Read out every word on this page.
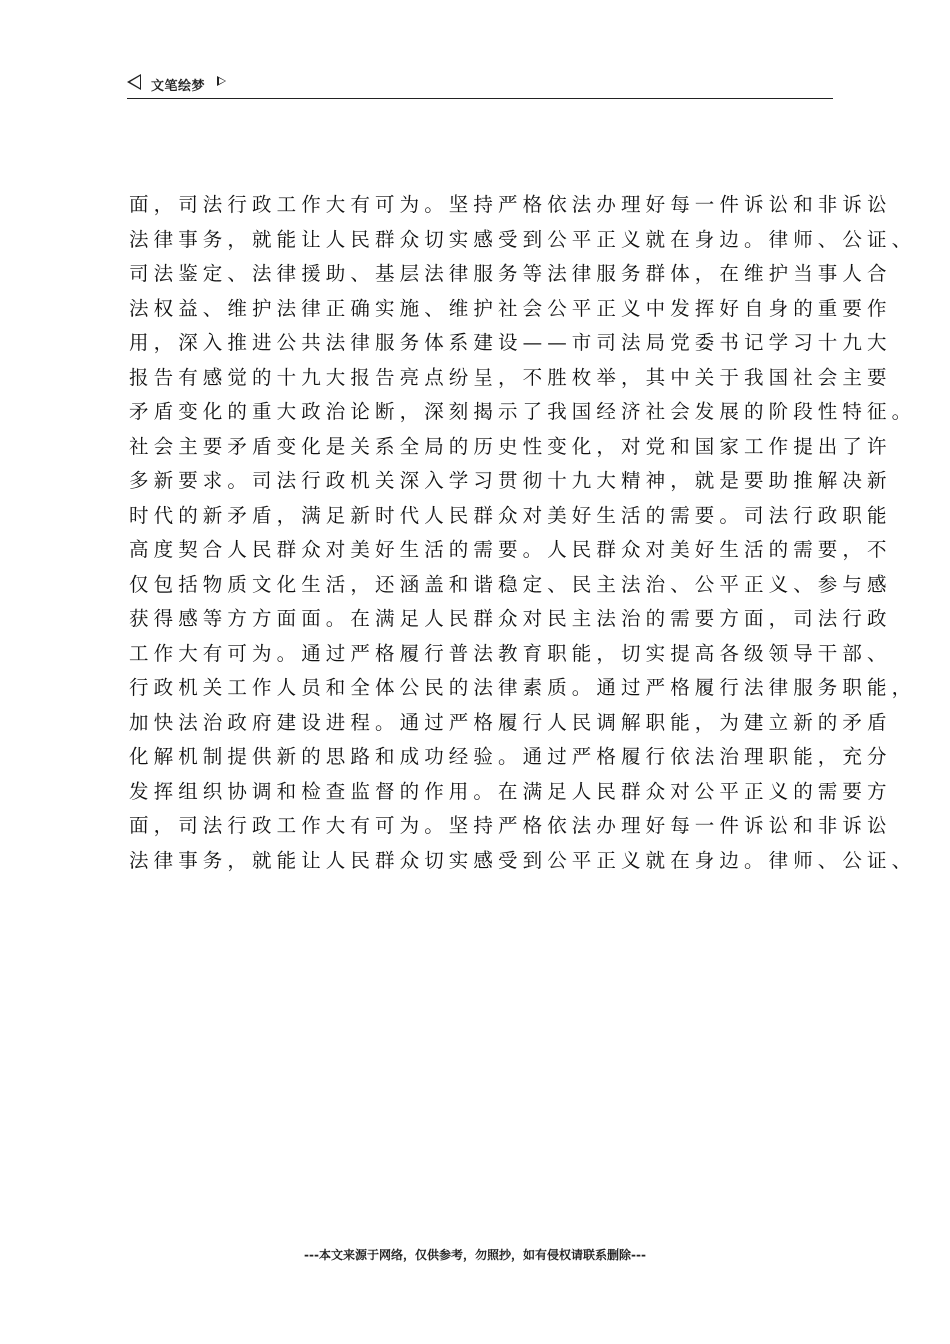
文笔绘梦
面，司法行政工作大有可为。坚持严格依法办理好每一件诉讼和非诉讼
法律事务，就能让人民群众切实感受到公平正义就在身边。律师、公证、
司法鉴定、法律援助、基层法律服务等法律服务群体，在维护当事人合
法权益、维护法律正确实施、维护社会公平正义中发挥好自身的重要作
用，深入推进公共法律服务体系建设——市司法局党委书记学习十九大
报告有感觉的十九大报告亮点纷呈，不胜枚举，其中关于我国社会主要
矛盾变化的重大政治论断，深刻揭示了我国经济社会发展的阶段性特征。
社会主要矛盾变化是关系全局的历史性变化，对党和国家工作提出了许
多新要求。司法行政机关深入学习贯彻十九大精神，就是要助推解决新
时代的新矛盾，满足新时代人民群众对美好生活的需要。司法行政职能
高度契合人民群众对美好生活的需要。人民群众对美好生活的需要，不
仅包括物质文化生活，还涵盖和谐稳定、民主法治、公平正义、参与感
获得感等方方面面。在满足人民群众对民主法治的需要方面，司法行政
工作大有可为。通过严格履行普法教育职能，切实提高各级领导干部、
行政机关工作人员和全体公民的法律素质。通过严格履行法律服务职能，
加快法治政府建设进程。通过严格履行人民调解职能，为建立新的矛盾
化解机制提供新的思路和成功经验。通过严格履行依法治理职能，充分
发挥组织协调和检查监督的作用。在满足人民群众对公平正义的需要方
面，司法行政工作大有可为。坚持严格依法办理好每一件诉讼和非诉讼
法律事务，就能让人民群众切实感受到公平正义就在身边。律师、公证、
---本文来源于网络，仅供参考，勿照抄，如有侵权请联系删除---
